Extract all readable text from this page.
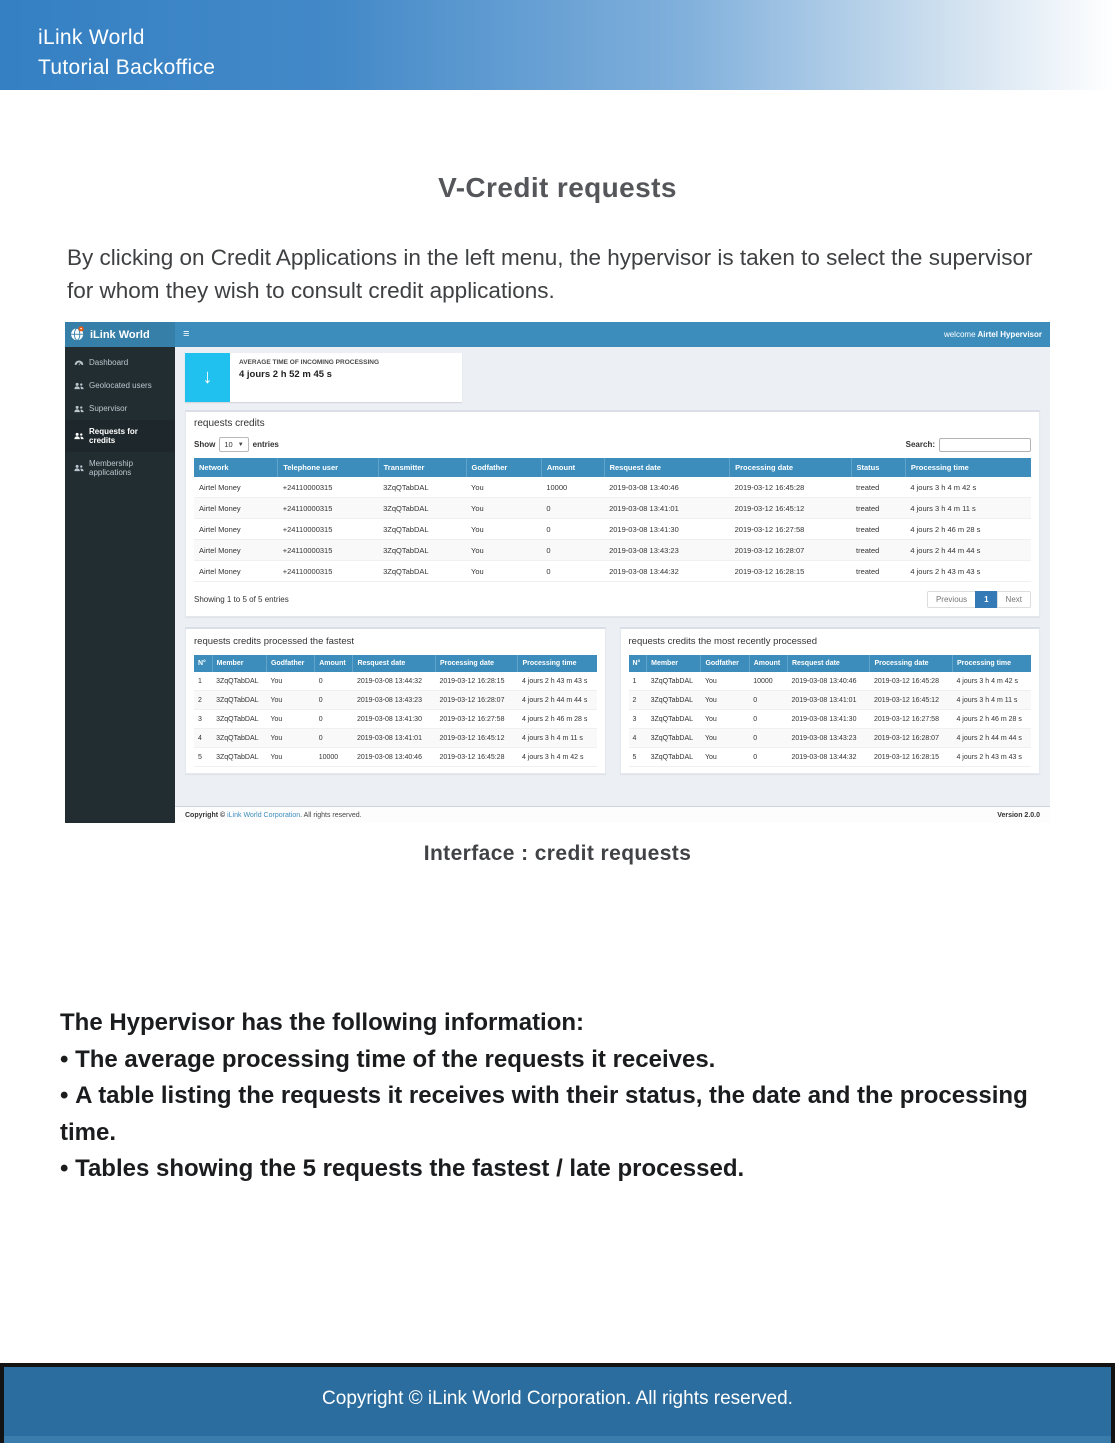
iLink World
Tutorial Backoffice
V-Credit requests

By clicking on Credit Applications in the left menu, the hypervisor is taken to select the supervisor for whom they wish to consult credit applications.

iLink World	≡	welcome Airtel Hypervisor
Dashboard
Geolocated users
Supervisor
Requests for credits
Membership applications
↓
AVERAGE TIME OF INCOMING PROCESSING
4 jours 2 h 52 m 45 s
requests credits
Show 10 ▼ entries	Search:
Network	Telephone user	Transmitter	Godfather	Amount	Resquest date	Processing date	Status	Processing time
Airtel Money	+24110000315	3ZqQTabDAL	You	10000	2019-03-08 13:40:46	2019-03-12 16:45:28	treated	4 jours 3 h 4 m 42 s
Airtel Money	+24110000315	3ZqQTabDAL	You	0	2019-03-08 13:41:01	2019-03-12 16:45:12	treated	4 jours 3 h 4 m 11 s
Airtel Money	+24110000315	3ZqQTabDAL	You	0	2019-03-08 13:41:30	2019-03-12 16:27:58	treated	4 jours 2 h 46 m 28 s
Airtel Money	+24110000315	3ZqQTabDAL	You	0	2019-03-08 13:43:23	2019-03-12 16:28:07	treated	4 jours 2 h 44 m 44 s
Airtel Money	+24110000315	3ZqQTabDAL	You	0	2019-03-08 13:44:32	2019-03-12 16:28:15	treated	4 jours 2 h 43 m 43 s
Showing 1 to 5 of 5 entries	Previous	1	Next
requests credits processed the fastest
N°	Member	Godfather	Amount	Resquest date	Processing date	Processing time
1	3ZqQTabDAL	You	0	2019-03-08 13:44:32	2019-03-12 16:28:15	4 jours 2 h 43 m 43 s
2	3ZqQTabDAL	You	0	2019-03-08 13:43:23	2019-03-12 16:28:07	4 jours 2 h 44 m 44 s
3	3ZqQTabDAL	You	0	2019-03-08 13:41:30	2019-03-12 16:27:58	4 jours 2 h 46 m 28 s
4	3ZqQTabDAL	You	0	2019-03-08 13:41:01	2019-03-12 16:45:12	4 jours 3 h 4 m 11 s
5	3ZqQTabDAL	You	10000	2019-03-08 13:40:46	2019-03-12 16:45:28	4 jours 3 h 4 m 42 s
requests credits the most recently processed
N°	Member	Godfather	Amount	Resquest date	Processing date	Processing time
1	3ZqQTabDAL	You	10000	2019-03-08 13:40:46	2019-03-12 16:45:28	4 jours 3 h 4 m 42 s
2	3ZqQTabDAL	You	0	2019-03-08 13:41:01	2019-03-12 16:45:12	4 jours 3 h 4 m 11 s
3	3ZqQTabDAL	You	0	2019-03-08 13:41:30	2019-03-12 16:27:58	4 jours 2 h 46 m 28 s
4	3ZqQTabDAL	You	0	2019-03-08 13:43:23	2019-03-12 16:28:07	4 jours 2 h 44 m 44 s
5	3ZqQTabDAL	You	0	2019-03-08 13:44:32	2019-03-12 16:28:15	4 jours 2 h 43 m 43 s
Copyright © iLink World Corporation. All rights reserved.	Version 2.0.0
Interface : credit requests
The Hypervisor has the following information:
• The average processing time of the requests it receives.
• A table listing the requests it receives with their status, the date and the processing time.
• Tables showing the 5 requests the fastest / late processed.
Copyright © iLink World Corporation. All rights reserved.
